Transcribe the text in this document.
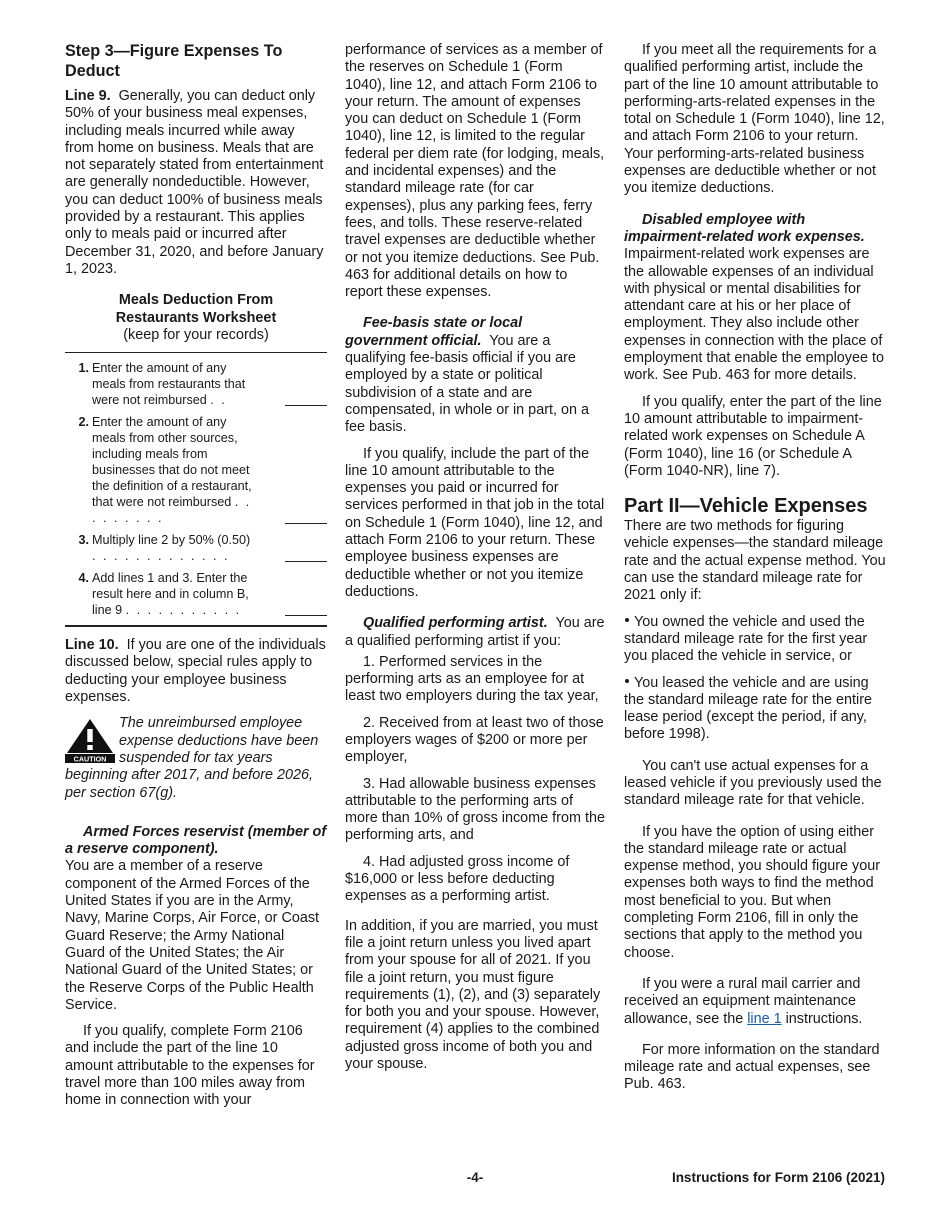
Step 3—Figure Expenses To Deduct

Line 9. Generally, you can deduct only 50% of your business meal expenses, including meals incurred while away from home on business. Meals that are not separately stated from entertainment are generally nondeductible. However, you can deduct 100% of business meals provided by a restaurant. This applies only to meals paid or incurred after December 31, 2020, and before January 1, 2023.

Meals Deduction From Restaurants Worksheet
(keep for your records)
1. Enter the amount of any meals from restaurants that were not reimbursed . .
2. Enter the amount of any meals from other sources, including meals from businesses that do not meet the definition of a restaurant, that were not reimbursed . . . . . . . . .
3. Multiply line 2 by 50% (0.50) . . . . . . . . . . . . .
4. Add lines 1 and 3. Enter the result here and in column B, line 9 . . . . . . . . . . .

Line 10. If you are one of the individuals discussed below, special rules apply to deducting your employee business expenses.

CAUTION
The unreimbursed employee expense deductions have been suspended for tax years beginning after 2017, and before 2026, per section 67(g).

Armed Forces reservist (member of a reserve component).
You are a member of a reserve component of the Armed Forces of the United States if you are in the Army, Navy, Marine Corps, Air Force, or Coast Guard Reserve; the Army National Guard of the United States; the Air National Guard of the United States; or the Reserve Corps of the Public Health Service.

If you qualify, complete Form 2106 and include the part of the line 10 amount attributable to the expenses for travel more than 100 miles away from home in connection with your

performance of services as a member of the reserves on Schedule 1 (Form 1040), line 12, and attach Form 2106 to your return. The amount of expenses you can deduct on Schedule 1 (Form 1040), line 12, is limited to the regular federal per diem rate (for lodging, meals, and incidental expenses) and the standard mileage rate (for car expenses), plus any parking fees, ferry fees, and tolls. These reserve-related travel expenses are deductible whether or not you itemize deductions. See Pub. 463 for additional details on how to report these expenses.

Fee-basis state or local government official. You are a qualifying fee-basis official if you are employed by a state or political subdivision of a state and are compensated, in whole or in part, on a fee basis.

If you qualify, include the part of the line 10 amount attributable to the expenses you paid or incurred for services performed in that job in the total on Schedule 1 (Form 1040), line 12, and attach Form 2106 to your return. These employee business expenses are deductible whether or not you itemize deductions.

Qualified performing artist. You are a qualified performing artist if you:

1. Performed services in the performing arts as an employee for at least two employers during the tax year,

2. Received from at least two of those employers wages of $200 or more per employer,

3. Had allowable business expenses attributable to the performing arts of more than 10% of gross income from the performing arts, and

4. Had adjusted gross income of $16,000 or less before deducting expenses as a performing artist.

In addition, if you are married, you must file a joint return unless you lived apart from your spouse for all of 2021. If you file a joint return, you must figure requirements (1), (2), and (3) separately for both you and your spouse. However, requirement (4) applies to the combined adjusted gross income of both you and your spouse.

If you meet all the requirements for a qualified performing artist, include the part of the line 10 amount attributable to performing-arts-related expenses in the total on Schedule 1 (Form 1040), line 12, and attach Form 2106 to your return. Your performing-arts-related business expenses are deductible whether or not you itemize deductions.

Disabled employee with impairment-related work expenses.  Impairment-related work expenses are the allowable expenses of an individual with physical or mental disabilities for attendant care at his or her place of employment. They also include other expenses in connection with the place of employment that enable the employee to work. See Pub. 463 for more details.

If you qualify, enter the part of the line 10 amount attributable to impairment-related work expenses on Schedule A (Form 1040), line 16 (or Schedule A (Form 1040-NR), line 7).

Part II—Vehicle Expenses

There are two methods for figuring vehicle expenses—the standard mileage rate and the actual expense method. You can use the standard mileage rate for 2021 only if:

You owned the vehicle and used the standard mileage rate for the first year you placed the vehicle in service, or

You leased the vehicle and are using the standard mileage rate for the entire lease period (except the period, if any, before 1998).

You can't use actual expenses for a leased vehicle if you previously used the standard mileage rate for that vehicle.

If you have the option of using either the standard mileage rate or actual expense method, you should figure your expenses both ways to find the method most beneficial to you. But when completing Form 2106, fill in only the sections that apply to the method you choose.

If you were a rural mail carrier and received an equipment maintenance allowance, see the line 1 instructions.

For more information on the standard mileage rate and actual expenses, see Pub. 463.

-4-	Instructions for Form 2106 (2021)
